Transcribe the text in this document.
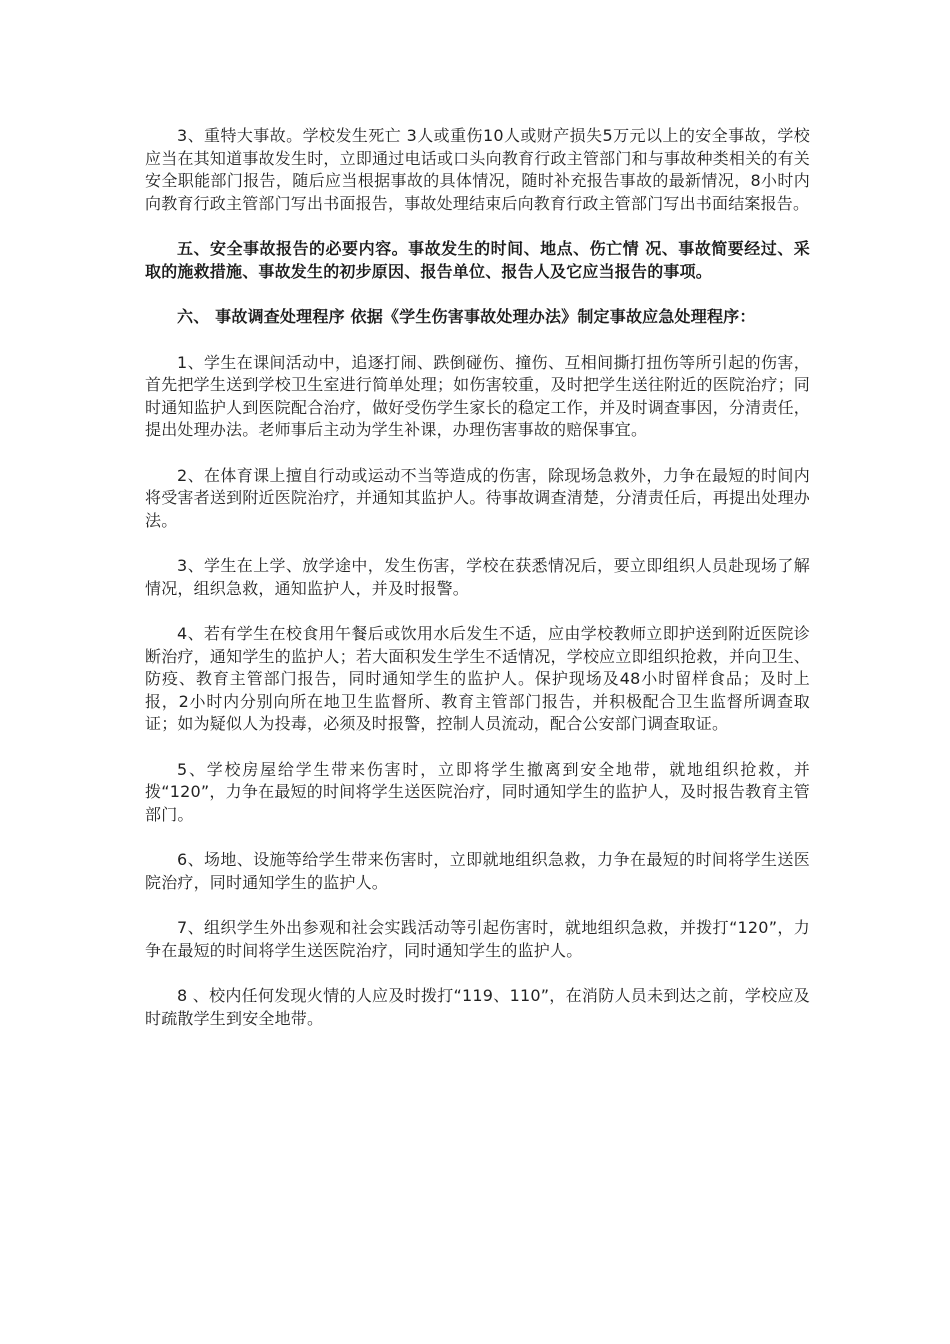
3、重特大事故。学校发生死亡 3人或重伤10人或财产损失5万元以上的安全事故，学校应当在其知道事故发生时，立即通过电话或口头向教育行政主管部门和与事故种类相关的有关安全职能部门报告，随后应当根据事故的具体情况，随时补充报告事故的最新情况，8小时内向教育行政主管部门写出书面报告，事故处理结束后向教育行政主管部门写出书面结案报告。

五、安全事故报告的必要内容。事故发生的时间、地点、伤亡情 况、事故简要经过、采取的施救措施、事故发生的初步原因、报告单位、报告人及它应当报告的事项。

六、 事故调查处理程序 依据《学生伤害事故处理办法》制定事故应急处理程序：

1、学生在课间活动中，追逐打闹、跌倒碰伤、撞伤、互相间撕打扭伤等所引起的伤害，首先把学生送到学校卫生室进行简单处理；如伤害较重，及时把学生送往附近的医院治疗；同时通知监护人到医院配合治疗，做好受伤学生家长的稳定工作，并及时调查事因，分清责任，提出处理办法。老师事后主动为学生补课，办理伤害事故的赔保事宜。

2、在体育课上擅自行动或运动不当等造成的伤害，除现场急救外，力争在最短的时间内将受害者送到附近医院治疗，并通知其监护人。待事故调查清楚，分清责任后，再提出处理办法。

3、学生在上学、放学途中，发生伤害，学校在获悉情况后，要立即组织人员赴现场了解情况，组织急救，通知监护人，并及时报警。

4、若有学生在校食用午餐后或饮用水后发生不适，应由学校教师立即护送到附近医院诊断治疗，通知学生的监护人；若大面积发生学生不适情况，学校应立即组织抢救，并向卫生、防疫、教育主管部门报告，同时通知学生的监护人。保护现场及48小时留样食品；及时上报，2小时内分别向所在地卫生监督所、教育主管部门报告，并积极配合卫生监督所调查取证；如为疑似人为投毒，必须及时报警，控制人员流动，配合公安部门调查取证。

5、学校房屋给学生带来伤害时，立即将学生撤离到安全地带，就地组织抢救，并拨“120”，力争在最短的时间将学生送医院治疗，同时通知学生的监护人，及时报告教育主管部门。

6、场地、设施等给学生带来伤害时，立即就地组织急救，力争在最短的时间将学生送医院治疗，同时通知学生的监护人。

7、组织学生外出参观和社会实践活动等引起伤害时，就地组织急救，并拨打“120”，力争在最短的时间将学生送医院治疗，同时通知学生的监护人。

8 、校内任何发现火情的人应及时拨打“119、110”，在消防人员未到达之前，学校应及时疏散学生到安全地带。
